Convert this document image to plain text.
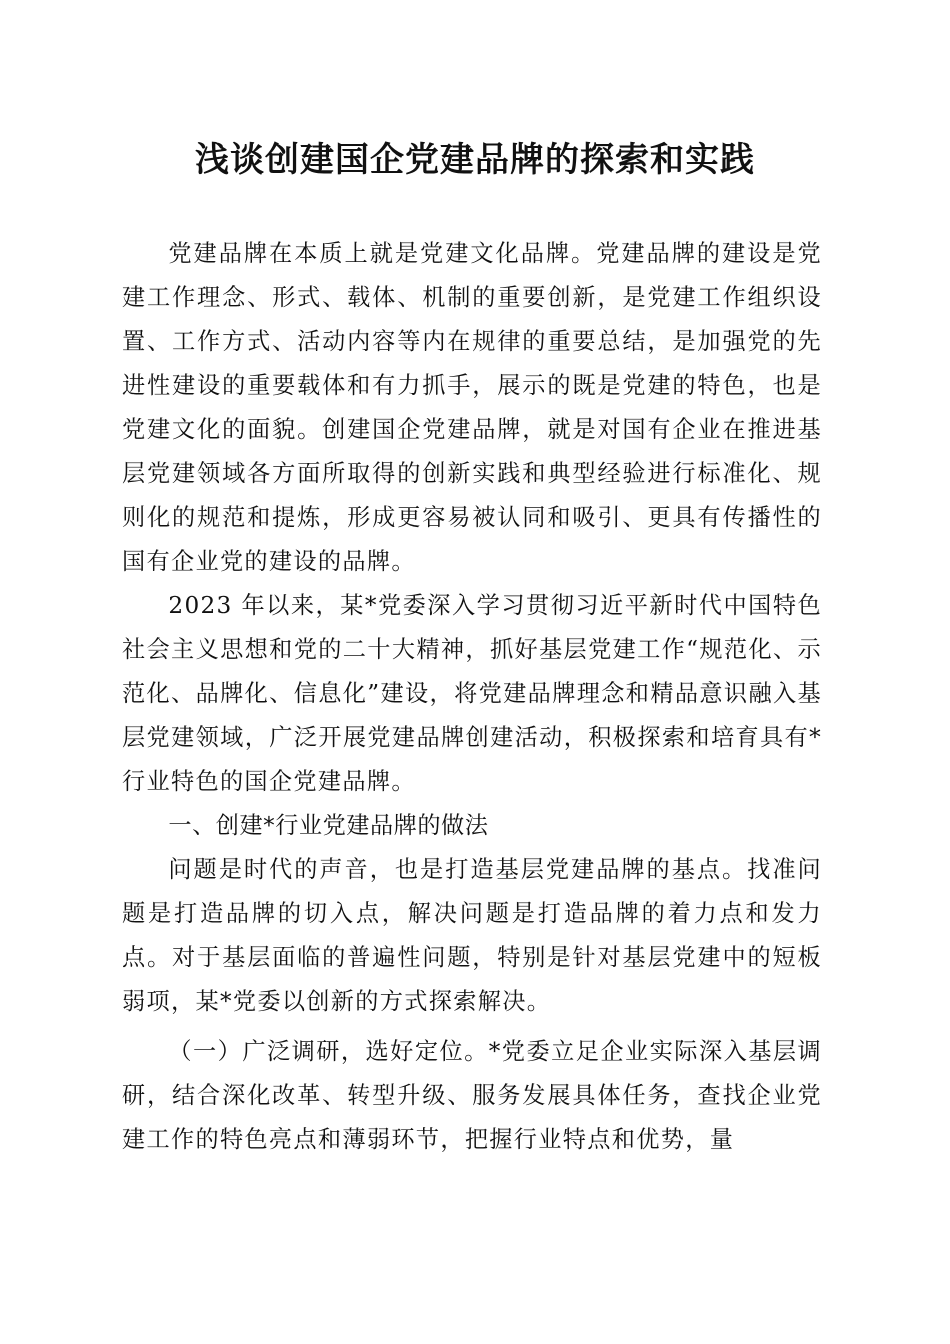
浅谈创建国企党建品牌的探索和实践

党建品牌在本质上就是党建文化品牌。党建品牌的建设是党建工作理念、形式、载体、机制的重要创新，是党建工作组织设置、工作方式、活动内容等内在规律的重要总结，是加强党的先进性建设的重要载体和有力抓手，展示的既是党建的特色，也是党建文化的面貌。创建国企党建品牌，就是对国有企业在推进基层党建领域各方面所取得的创新实践和典型经验进行标准化、规则化的规范和提炼，形成更容易被认同和吸引、更具有传播性的国有企业党的建设的品牌。

2023 年以来，某*党委深入学习贯彻习近平新时代中国特色社会主义思想和党的二十大精神，抓好基层党建工作“规范化、示范化、品牌化、信息化”建设，将党建品牌理念和精品意识融入基层党建领域，广泛开展党建品牌创建活动，积极探索和培育具有*行业特色的国企党建品牌。

一、创建*行业党建品牌的做法

问题是时代的声音，也是打造基层党建品牌的基点。找准问题是打造品牌的切入点，解决问题是打造品牌的着力点和发力点。对于基层面临的普遍性问题，特别是针对基层党建中的短板弱项，某*党委以创新的方式探索解决。

（一）广泛调研，选好定位。*党委立足企业实际深入基层调研，结合深化改革、转型升级、服务发展具体任务，查找企业党建工作的特色亮点和薄弱环节，把握行业特点和优势，量
